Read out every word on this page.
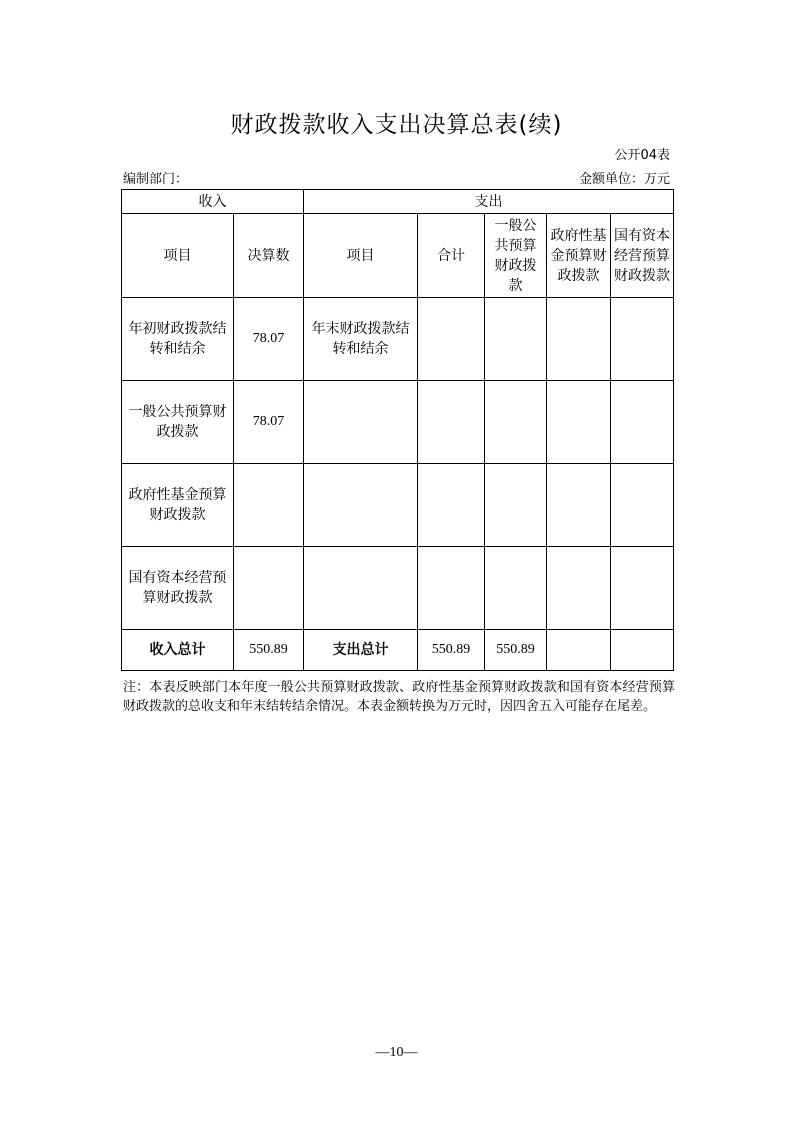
财政拨款收入支出决算总表(续)
公开04表
编制部门：	金额单位：万元
收入		支出				
项目	决算数	项目	合计	一般公共预算财政拨款	政府性基金预算财政拨款	国有资本经营预算财政拨款
年初财政拨款结转和结余	78.07	年末财政拨款结转和结余				
一般公共预算财政拨款	78.07					
政府性基金预算财政拨款						
国有资本经营预算财政拨款						
收入总计	550.89	支出总计	550.89	550.89		
注：本表反映部门本年度一般公共预算财政拨款、政府性基金预算财政拨款和国有资本经营预算财政拨款的总收支和年末结转结余情况。本表金额转换为万元时，因四舍五入可能存在尾差。
—10—
